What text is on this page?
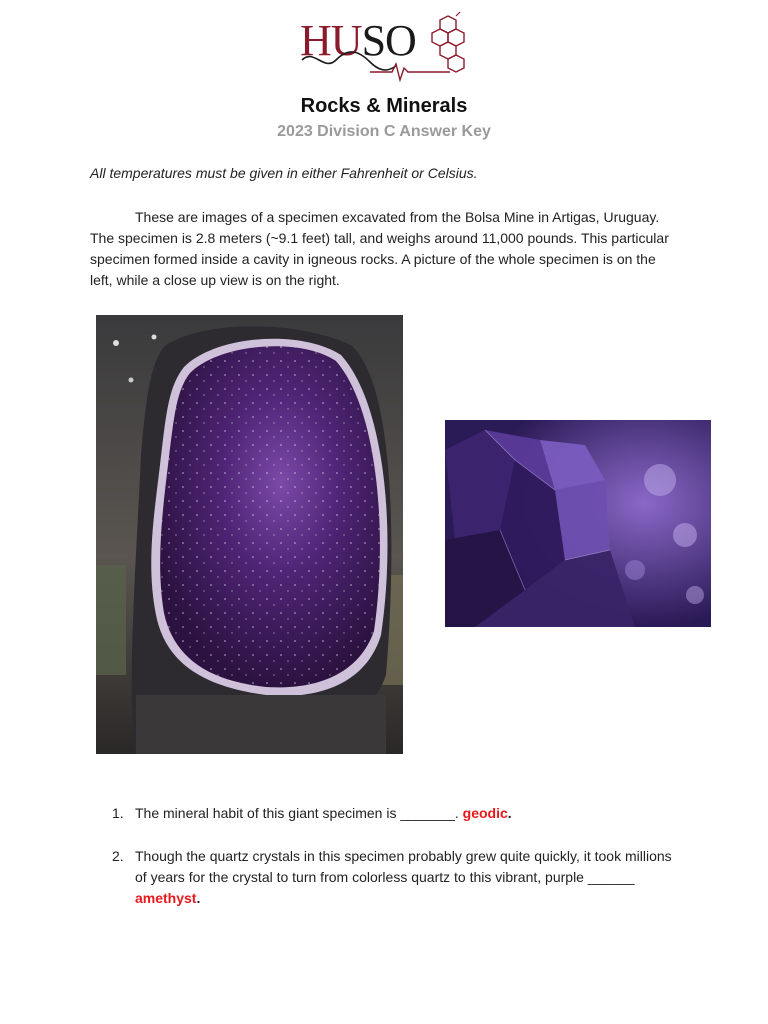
HUSO
Rocks & Minerals
2023 Division C Answer Key
All temperatures must be given in either Fahrenheit or Celsius.
These are images of a specimen excavated from the Bolsa Mine in Artigas, Uruguay. The specimen is 2.8 meters (~9.1 feet) tall, and weighs around 11,000 pounds. This particular specimen formed inside a cavity in igneous rocks. A picture of the whole specimen is on the left, while a close up view is on the right.
1. The mineral habit of this giant specimen is _______. geodic.
2. Though the quartz crystals in this specimen probably grew quite quickly, it took millions of years for the crystal to turn from colorless quartz to this vibrant, purple ______ amethyst.
